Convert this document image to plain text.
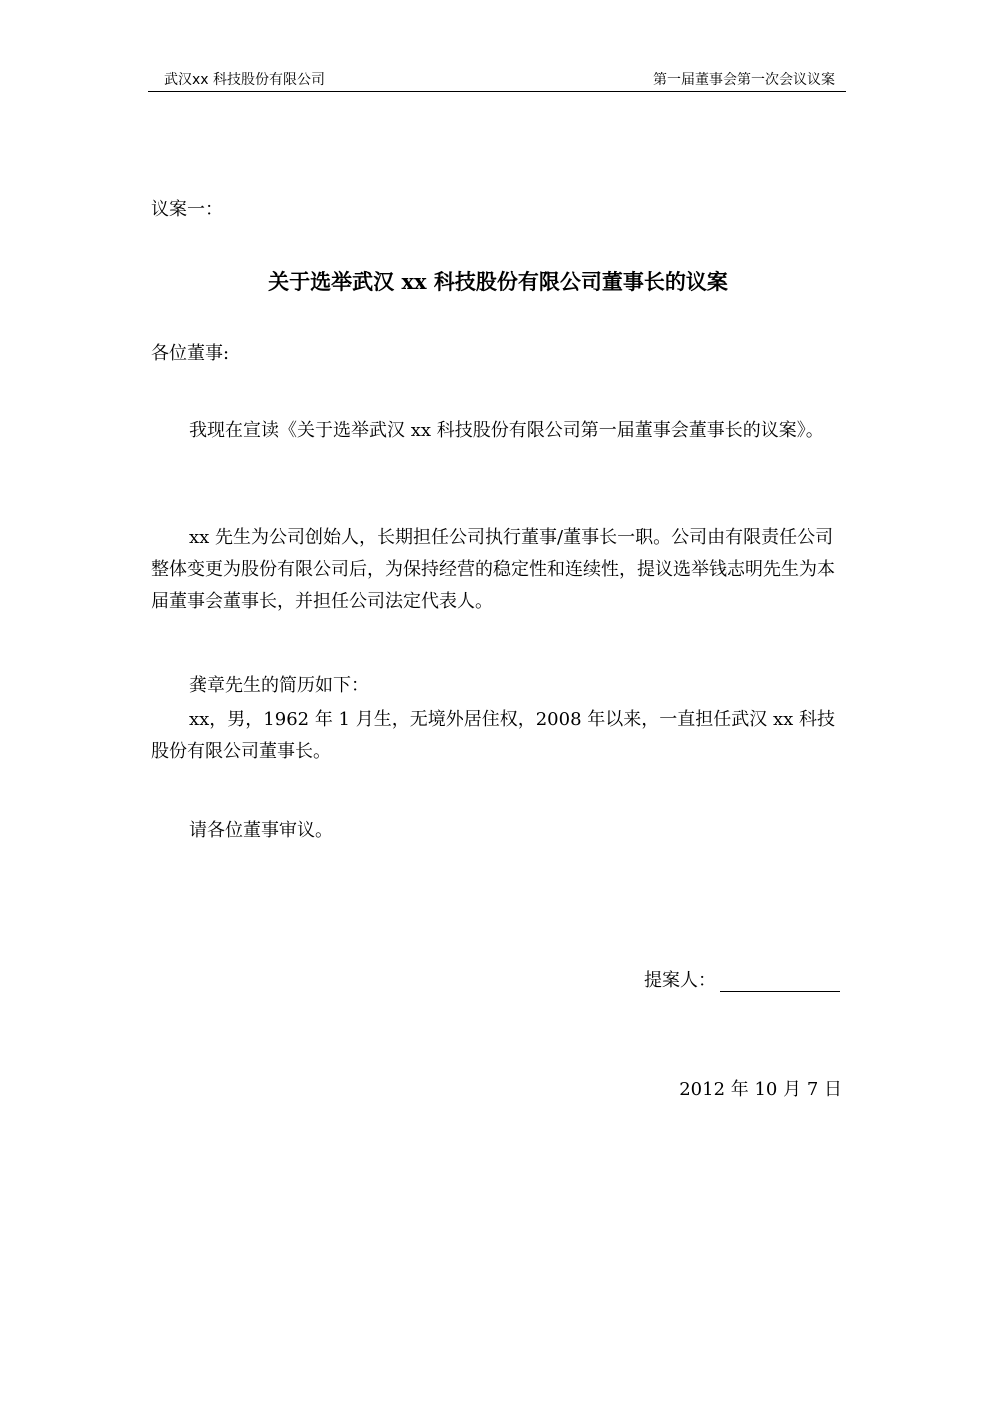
武汉xx 科技股份有限公司	第一届董事会第一次会议议案
议案一：
关于选举武汉 xx 科技股份有限公司董事长的议案
各位董事:
我现在宣读《关于选举武汉 xx 科技股份有限公司第一届董事会董事长的议案》。
xx 先生为公司创始人，长期担任公司执行董事/董事长一职。公司由有限责任公司整体变更为股份有限公司后，为保持经营的稳定性和连续性，提议选举钱志明先生为本届董事会董事长，并担任公司法定代表人。
龚章先生的简历如下：
xx，男，1962 年 1 月生，无境外居住权，2008 年以来，一直担任武汉 xx 科技股份有限公司董事长。
请各位董事审议。
提案人：
2012 年 10 月 7 日
